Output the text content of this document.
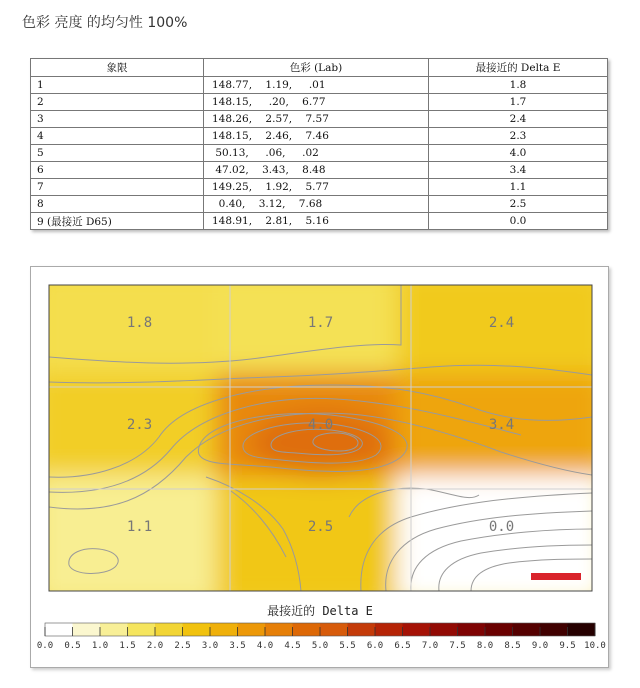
色彩 亮度 的均匀性 100%
象限	色彩 (Lab)	最接近的 Delta E
1	148.77,    1.19,     .01	1.8
2	148.15,     .20,    6.77	1.7
3	148.26,    2.57,    7.57	2.4
4	148.15,    2.46,    7.46	2.3
5	50.13,     .06,     .02	4.0
6	47.02,    3.43,    8.48	3.4
7	149.25,    1.92,    5.77	1.1
8	0.40,    3.12,    7.68	2.5
9 (最接近 D65)	148.91,    2.81,    5.16	0.0
1.8	1.7	2.4
2.3	4.0	3.4
1.1	2.5	0.0
最接近的 Delta E
0.0 0.5 1.0 1.5 2.0 2.5 3.0 3.5 4.0 4.5 5.0 5.5 6.0 6.5 7.0 7.5 8.0 8.5 9.0 9.5 10.0
